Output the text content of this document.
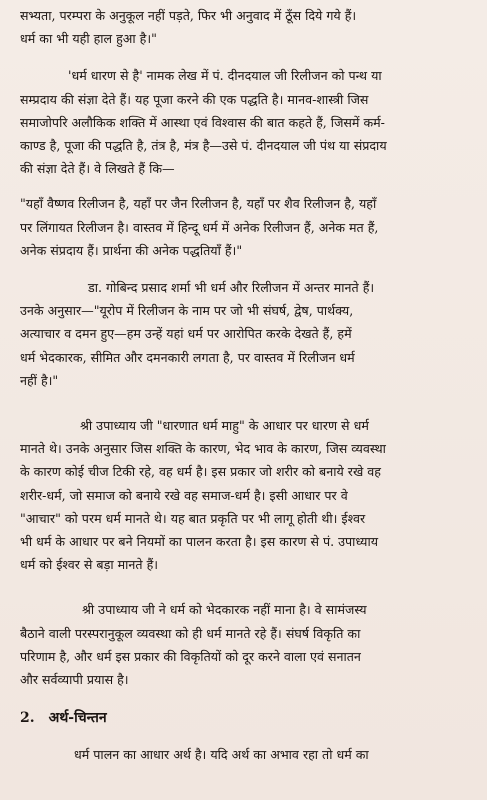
सभ्यता, परम्परा के अनुकूल नहीं पड़ते, फिर भी अनुवाद में ठूँस दिये गये हैं।
धर्म का भी यही हाल हुआ है।"

'धर्म धारण से है' नामक लेख में पं. दीनदयाल जी रिलीजन को पन्थ या
सम्प्रदाय की संज्ञा देते हैं। यह पूजा करने की एक पद्धति है। मानव-शास्त्री जिस
समाजोपरि अलौकिक शक्ति में आस्था एवं विश्वास की बात कहते हैं, जिसमें कर्म-
काण्ड है, पूजा की पद्धति है, तंत्र है, मंत्र है—उसे पं. दीनदयाल जी पंथ या संप्रदाय
की संज्ञा देते हैं। वे लिखते हैं कि—

"यहाँ वैष्णव रिलीजन है, यहाँ पर जैन रिलीजन है, यहाँ पर शैव रिलीजन है, यहाँ
पर लिंगायत रिलीजन है। वास्तव में हिन्दू धर्म में अनेक रिलीजन हैं, अनेक मत हैं,
अनेक संप्रदाय हैं। प्रार्थना की अनेक पद्धतियाँ हैं।"

डा. गोबिन्द प्रसाद शर्मा भी धर्म और रिलीजन में अन्तर मानते हैं।
उनके अनुसार—"यूरोप में रिलीजन के नाम पर जो भी संघर्ष, द्वेष, पार्थक्य,
अत्याचार व दमन हुए—हम उन्हें यहां धर्म पर आरोपित करके देखते हैं, हमें
धर्म भेदकारक, सीमित और दमनकारी लगता है, पर वास्तव में रिलीजन धर्म
नहीं है।"

श्री उपाध्याय जी "धारणात धर्म माहु" के आधार पर धारण से धर्म
मानते थे। उनके अनुसार जिस शक्ति के कारण, भेद भाव के कारण, जिस व्यवस्था
के कारण कोई चीज टिकी रहे, वह धर्म है। इस प्रकार जो शरीर को बनाये रखे वह
शरीर-धर्म, जो समाज को बनाये रखे वह समाज-धर्म है। इसी आधार पर वे
"आचार" को परम धर्म मानते थे। यह बात प्रकृति पर भी लागू होती थी। ईश्वर
भी धर्म के आधार पर बने नियमों का पालन करता है। इस कारण से पं. उपाध्याय
धर्म को ईश्वर से बड़ा मानते हैं।

श्री उपाध्याय जी ने धर्म को भेदकारक नहीं माना है। वे सामंजस्य
बैठाने वाली परस्परानुकूल व्यवस्था को ही धर्म मानते रहे हैं। संघर्ष विकृति का
परिणाम है, और धर्म इस प्रकार की विकृतियों को दूर करने वाला एवं सनातन
और सर्वव्यापी प्रयास है।

2. अर्थ-चिन्तन

धर्म पालन का आधार अर्थ है। यदि अर्थ का अभाव रहा तो धर्म का
